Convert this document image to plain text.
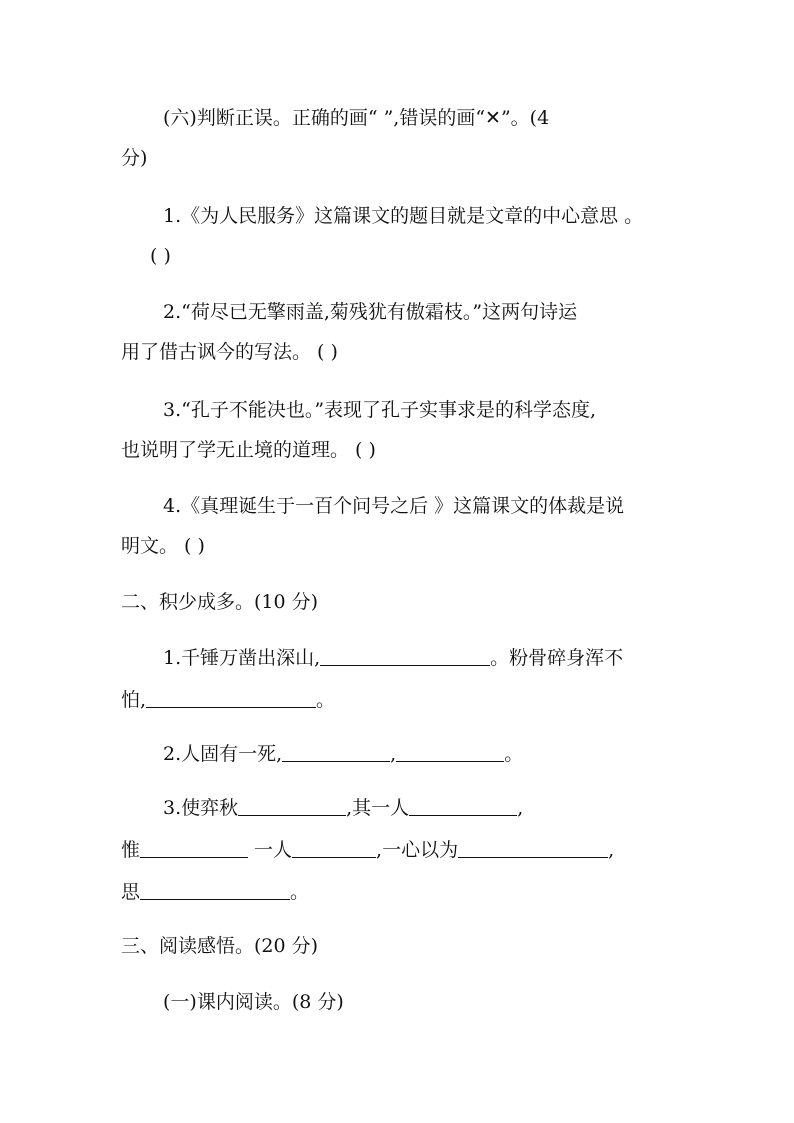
(六)判断正误。正确的画“ ”,错误的画“✕”。(4
分)
1.《为人民服务》这篇课文的题目就是文章的中心意思 。
( )
2.“荷尽已无擎雨盖,菊残犹有傲霜枝。”这两句诗运
用了借古讽今的写法。 ( )
3.“孔子不能决也。”表现了孔子实事求是的科学态度,
也说明了学无止境的道理。 ( )
4.《真理诞生于一百个问号之后 》这篇课文的体裁是说
明文。 ( )
二、积少成多。(10 分)
1.千锤万凿出深山,	。粉骨碎身浑不
怕,	。
2.人固有一死,	,	。
3.使弈秋	,其一人	,
惟	一人	,一心以为	,
思	。
三、阅读感悟。(20 分)
(一)课内阅读。(8 分)
